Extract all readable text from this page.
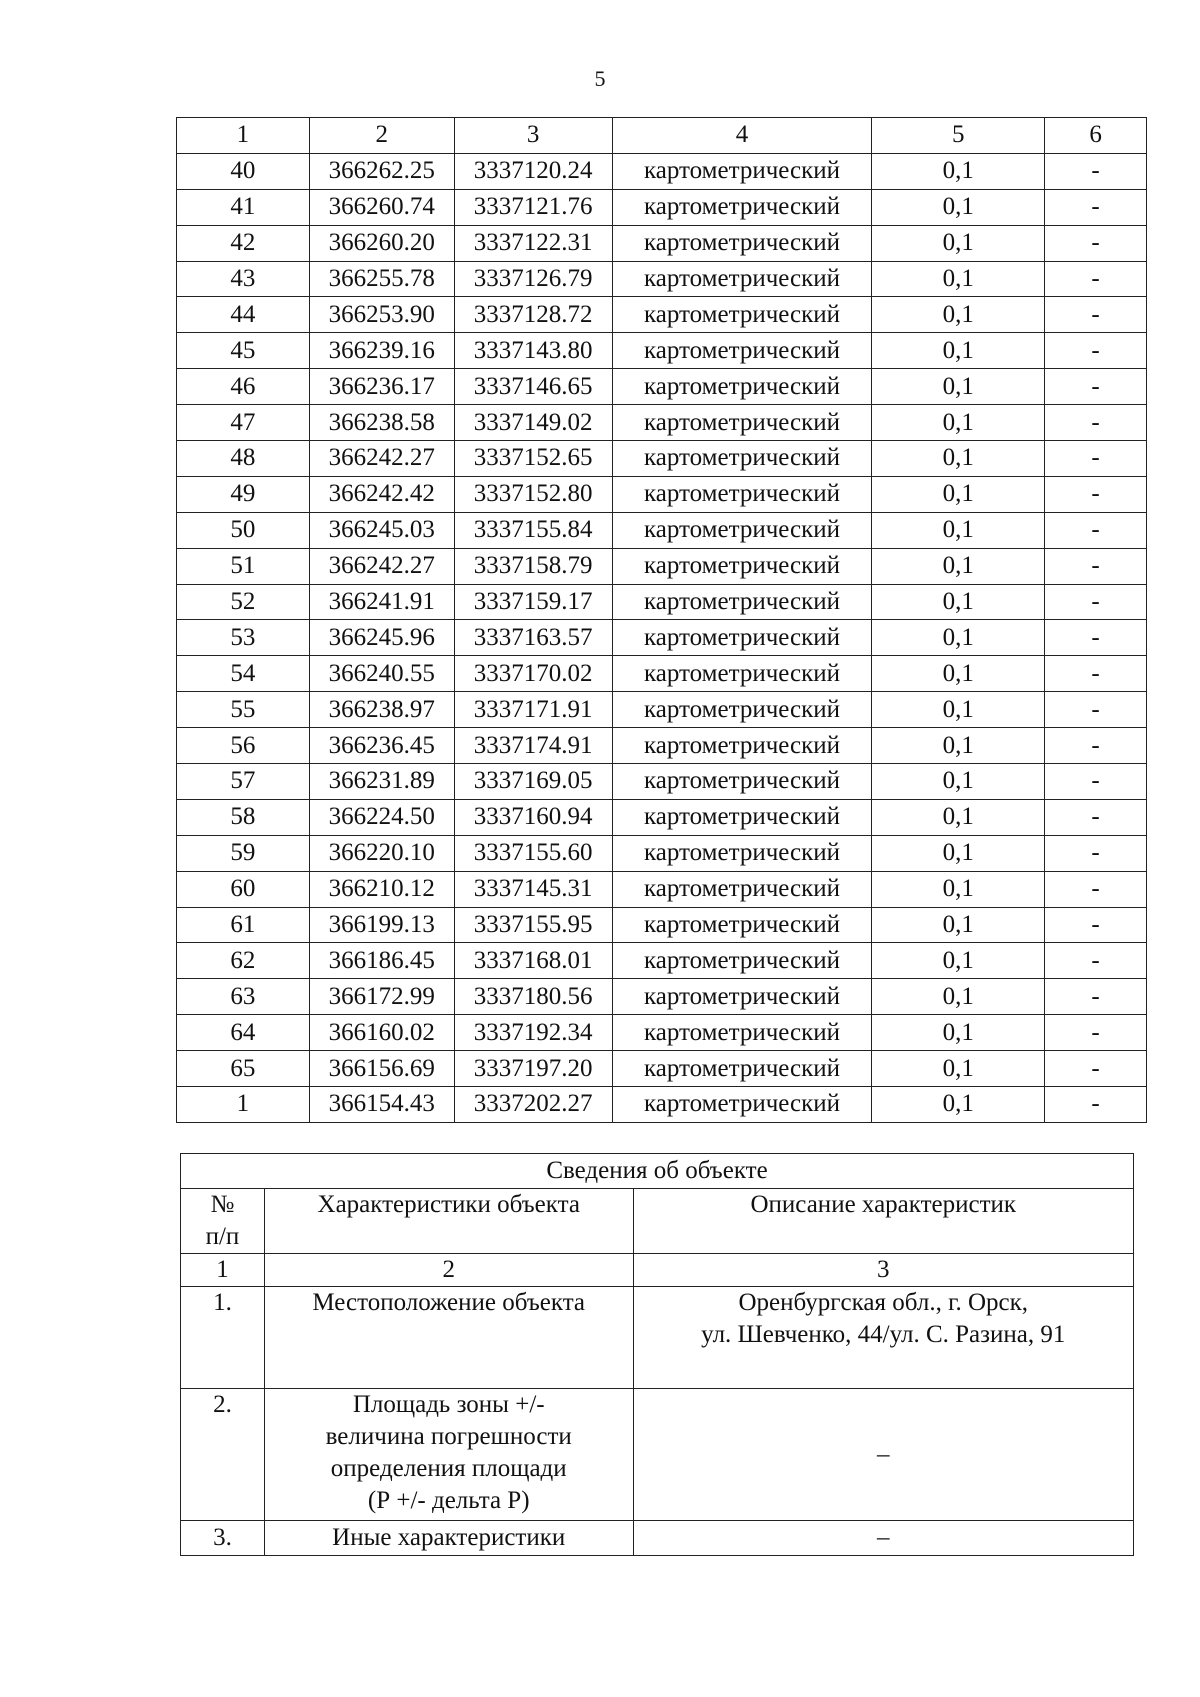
5
1	2	3	4	5	6
40	366262.25	3337120.24	картометрический	0,1	-
41	366260.74	3337121.76	картометрический	0,1	-
42	366260.20	3337122.31	картометрический	0,1	-
43	366255.78	3337126.79	картометрический	0,1	-
44	366253.90	3337128.72	картометрический	0,1	-
45	366239.16	3337143.80	картометрический	0,1	-
46	366236.17	3337146.65	картометрический	0,1	-
47	366238.58	3337149.02	картометрический	0,1	-
48	366242.27	3337152.65	картометрический	0,1	-
49	366242.42	3337152.80	картометрический	0,1	-
50	366245.03	3337155.84	картометрический	0,1	-
51	366242.27	3337158.79	картометрический	0,1	-
52	366241.91	3337159.17	картометрический	0,1	-
53	366245.96	3337163.57	картометрический	0,1	-
54	366240.55	3337170.02	картометрический	0,1	-
55	366238.97	3337171.91	картометрический	0,1	-
56	366236.45	3337174.91	картометрический	0,1	-
57	366231.89	3337169.05	картометрический	0,1	-
58	366224.50	3337160.94	картометрический	0,1	-
59	366220.10	3337155.60	картометрический	0,1	-
60	366210.12	3337145.31	картометрический	0,1	-
61	366199.13	3337155.95	картометрический	0,1	-
62	366186.45	3337168.01	картометрический	0,1	-
63	366172.99	3337180.56	картометрический	0,1	-
64	366160.02	3337192.34	картометрический	0,1	-
65	366156.69	3337197.20	картометрический	0,1	-
1	366154.43	3337202.27	картометрический	0,1	-
Сведения об объекте		
№
п/п	Характеристики объекта	Описание характеристик
1	2	3
1.	Местоположение объекта	Оренбургская обл., г. Орск,
ул. Шевченко, 44/ул. С. Разина, 91
2.	Площадь зоны +/-
величина погрешности
определения площади
(Р +/- дельта Р)	–
3.	Иные характеристики	–
